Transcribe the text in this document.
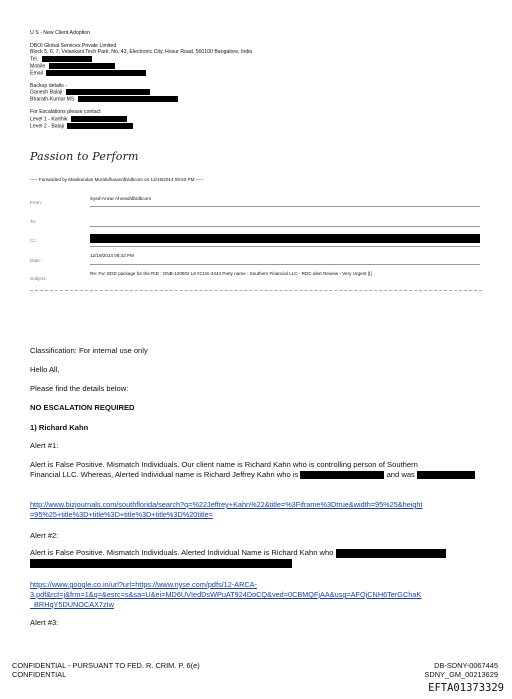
U S - New Client Adoption
DBOI Global Services Private Limited
Block 5, 6, 7, Velankani Tech Park, No.:43, Electronic City, Hosur Road, 560100 Bangalore, India
Tel.
Mobile
Email
Backup details -
Ganesh Balaji
Bharath-Kumar MS
For Escalations please contact
Level 1 - Karthik
Level 2 - Balaji
Passion to Perform
----- Forwarded by Manikandan Muralidharan/db/dbcom on 12/19/2014 08:53 PM -----
From:
Syed-Anzar Ahmed/db/dbcom
To:
Cc:
Date:
12/19/2014 08:42 PM
Subject:
Re: Fw: EDD package for the RID : ONB-120902 LKYCUS-3443 Party name : Southern Financial LLC - RDC alert Review - Very Urgent [I]
Classification: For internal use only
Hello All,
Please find the details below:
NO ESCALATION REQUIRED
1) Richard Kahn
Alert #1:
Alert is False Positive. Mismatch Individuals. Our client name is Richard Kahn who is controlling person of Southern
Financial LLC. Whereas, Alerted Individual name is Richard Jeffrey Kahn who is	and was
http://www.bizjournals.com/southflorida/search?q=%22Jeffrey+Kahn%22&title=%3Fiframe%3Dtrue&width=95%25&height
=95%25+title%3D+title%3D+title%3D+title%3D%20title=
Alert #2:
Alert is False Positive. Mismatch Individuals. Alerted Individual Name is Richard Kahn who
https://www.google.co.in/url?url=https://www.nyse.com/pdfs/12-ARCA-
3.pdf&rct=j&frm=1&q=&esrc=s&sa=U&ei=MD6UVIedDsWPuAT924DoCQ&ved=0CBMQFjAA&usg=AFQjCNH6TerGChaK
_BRHqY5DUNOCAX7zIw
Alert #3:
CONFIDENTIAL - PURSUANT TO FED. R. CRIM. P. 6(e)
CONFIDENTIAL
DB-SDNY-0067445
SDNY_GM_00213629
EFTA01373329
